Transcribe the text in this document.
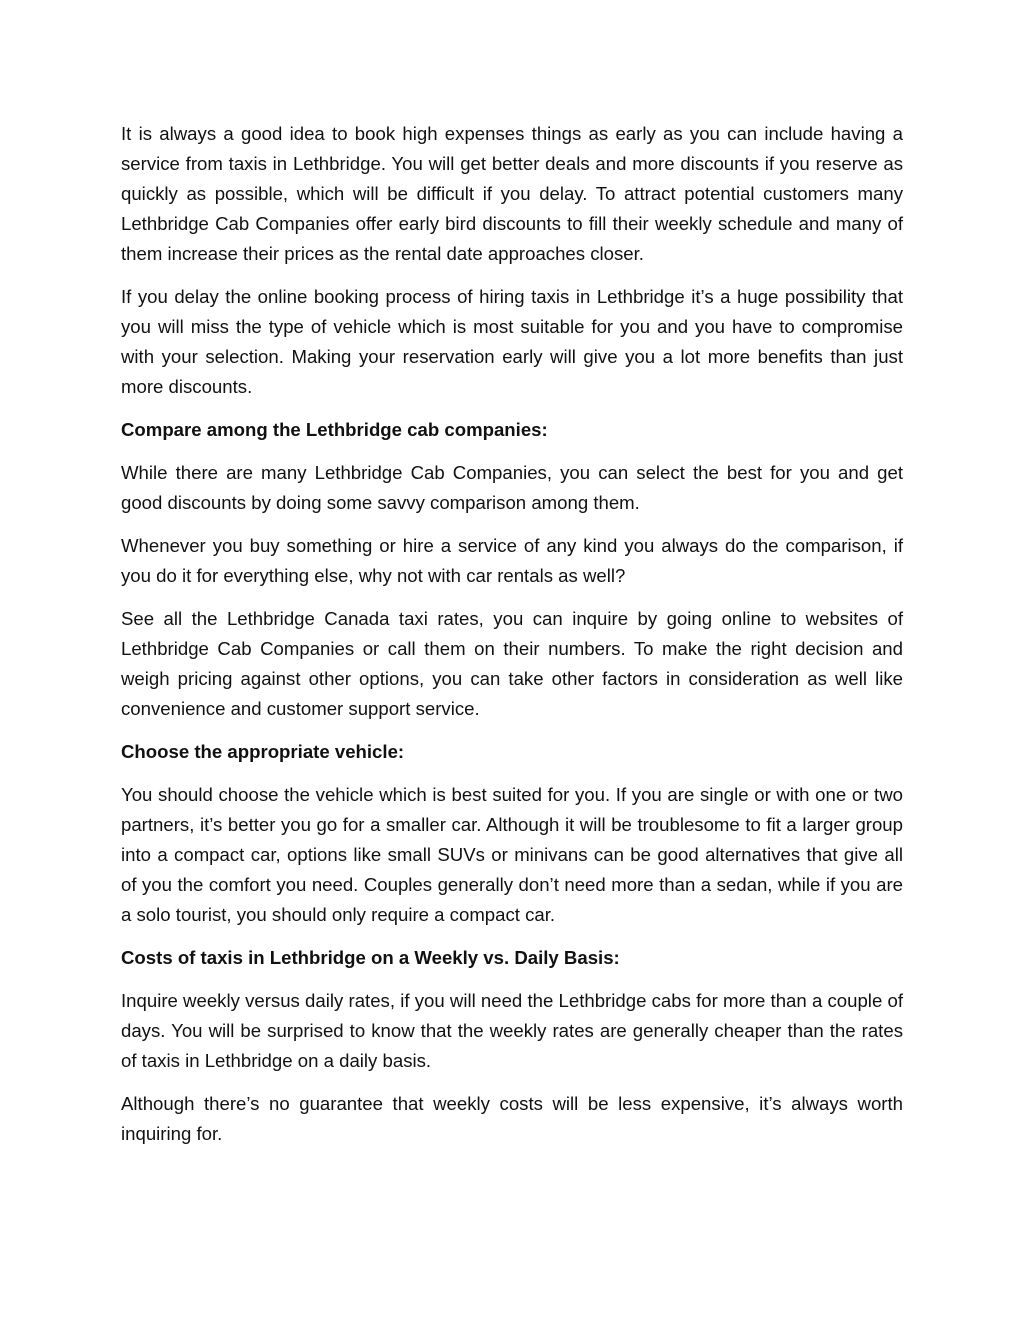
It is always a good idea to book high expenses things as early as you can include having a service from taxis in Lethbridge. You will get better deals and more discounts if you reserve as quickly as possible, which will be difficult if you delay. To attract potential customers many Lethbridge Cab Companies offer early bird discounts to fill their weekly schedule and many of them increase their prices as the rental date approaches closer.

If you delay the online booking process of hiring taxis in Lethbridge it’s a huge possibility that you will miss the type of vehicle which is most suitable for you and you have to compromise with your selection. Making your reservation early will give you a lot more benefits than just more discounts.

Compare among the Lethbridge cab companies:

While there are many Lethbridge Cab Companies, you can select the best for you and get good discounts by doing some savvy comparison among them.

Whenever you buy something or hire a service of any kind you always do the comparison, if you do it for everything else, why not with car rentals as well?

See all the Lethbridge Canada taxi rates, you can inquire by going online to websites of Lethbridge Cab Companies or call them on their numbers. To make the right decision and weigh pricing against other options, you can take other factors in consideration as well like convenience and customer support service.

Choose the appropriate vehicle:

You should choose the vehicle which is best suited for you. If you are single or with one or two partners, it’s better you go for a smaller car. Although it will be troublesome to fit a larger group into a compact car, options like small SUVs or minivans can be good alternatives that give all of you the comfort you need. Couples generally don’t need more than a sedan, while if you are a solo tourist, you should only require a compact car.

Costs of taxis in Lethbridge on a Weekly vs. Daily Basis:

Inquire weekly versus daily rates, if you will need the Lethbridge cabs for more than a couple of days. You will be surprised to know that the weekly rates are generally cheaper than the rates of taxis in Lethbridge on a daily basis.

Although there’s no guarantee that weekly costs will be less expensive, it’s always worth inquiring for.
